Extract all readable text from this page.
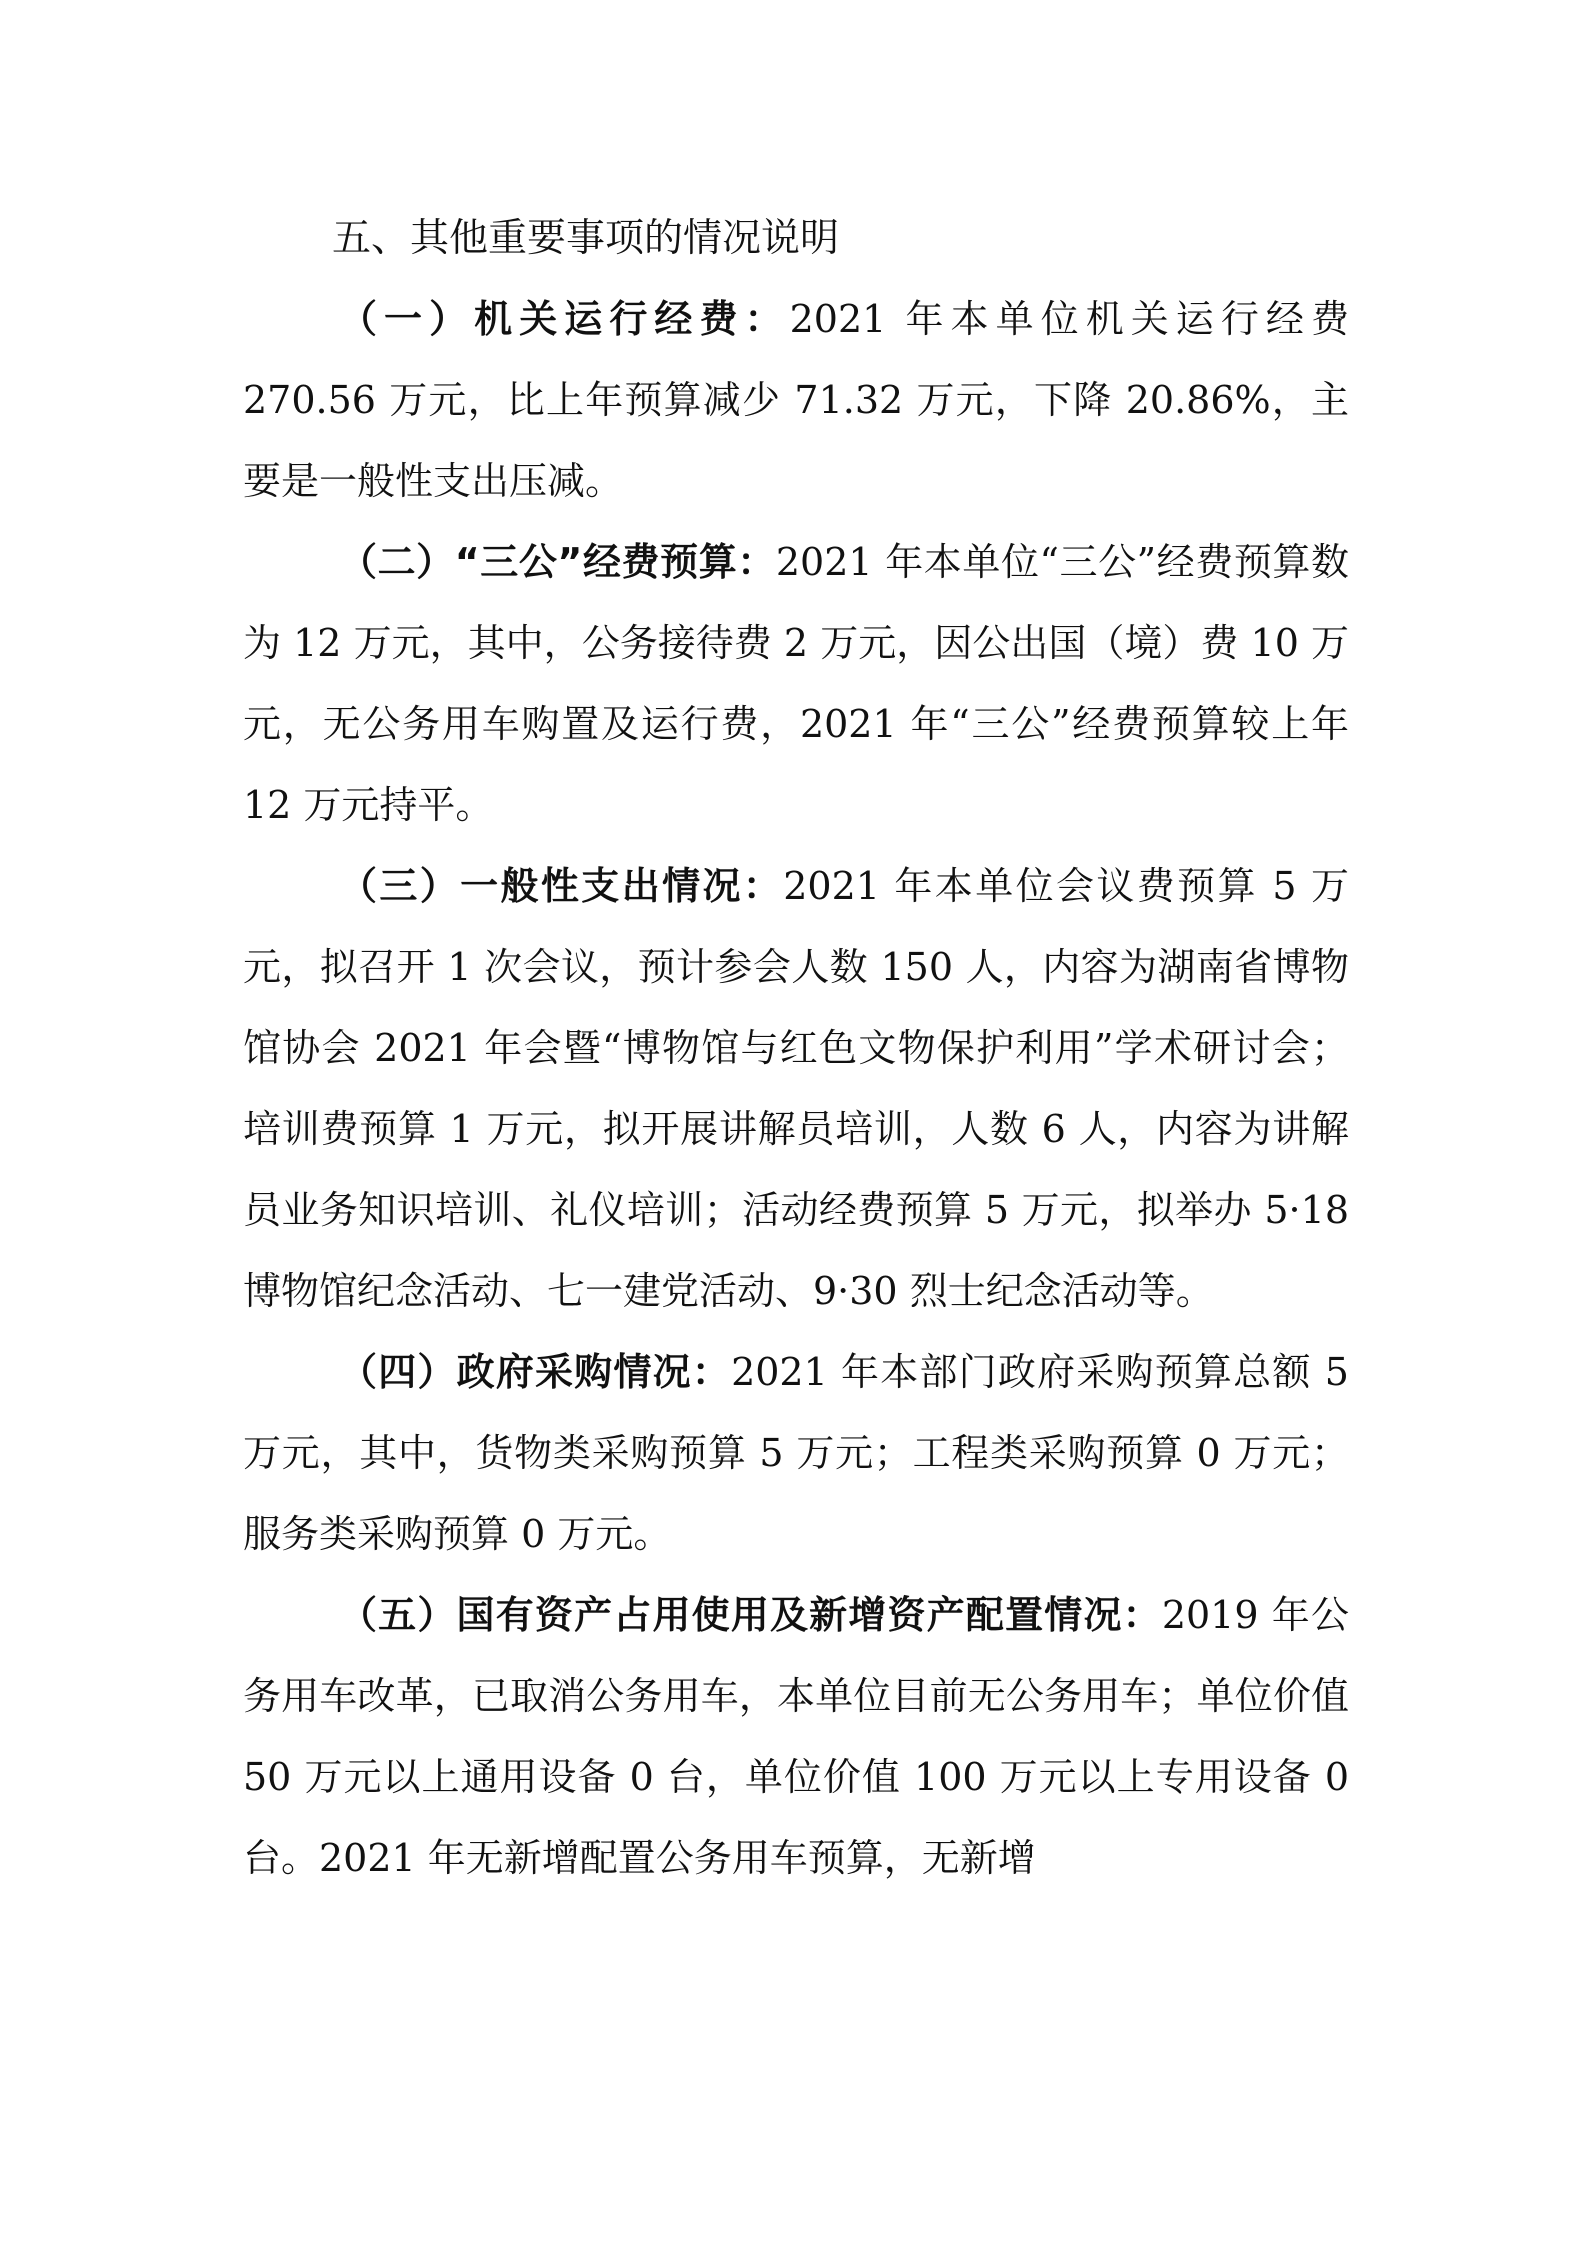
五、其他重要事项的情况说明

（一）机关运行经费：2021 年本单位机关运行经费 270.56 万元，比上年预算减少 71.32 万元，下降 20.86%，主要是一般性支出压减。

（二）“三公”经费预算：2021 年本单位“三公”经费预算数为 12 万元，其中，公务接待费 2 万元，因公出国（境）费 10 万元，无公务用车购置及运行费，2021 年“三公”经费预算较上年 12 万元持平。

（三）一般性支出情况：2021 年本单位会议费预算 5 万元，拟召开 1 次会议，预计参会人数 150 人，内容为湖南省博物馆协会 2021 年会暨“博物馆与红色文物保护利用”学术研讨会；培训费预算 1 万元，拟开展讲解员培训，人数 6 人，内容为讲解员业务知识培训、礼仪培训；活动经费预算 5 万元，拟举办 5·18 博物馆纪念活动、七一建党活动、9·30 烈士纪念活动等。

（四）政府采购情况：2021 年本部门政府采购预算总额 5 万元，其中，货物类采购预算 5 万元；工程类采购预算 0 万元；服务类采购预算 0 万元。

（五）国有资产占用使用及新增资产配置情况：2019 年公务用车改革，已取消公务用车，本单位目前无公务用车；单位价值 50 万元以上通用设备 0 台，单位价值 100 万元以上专用设备 0 台。2021 年无新增配置公务用车预算，无新增
